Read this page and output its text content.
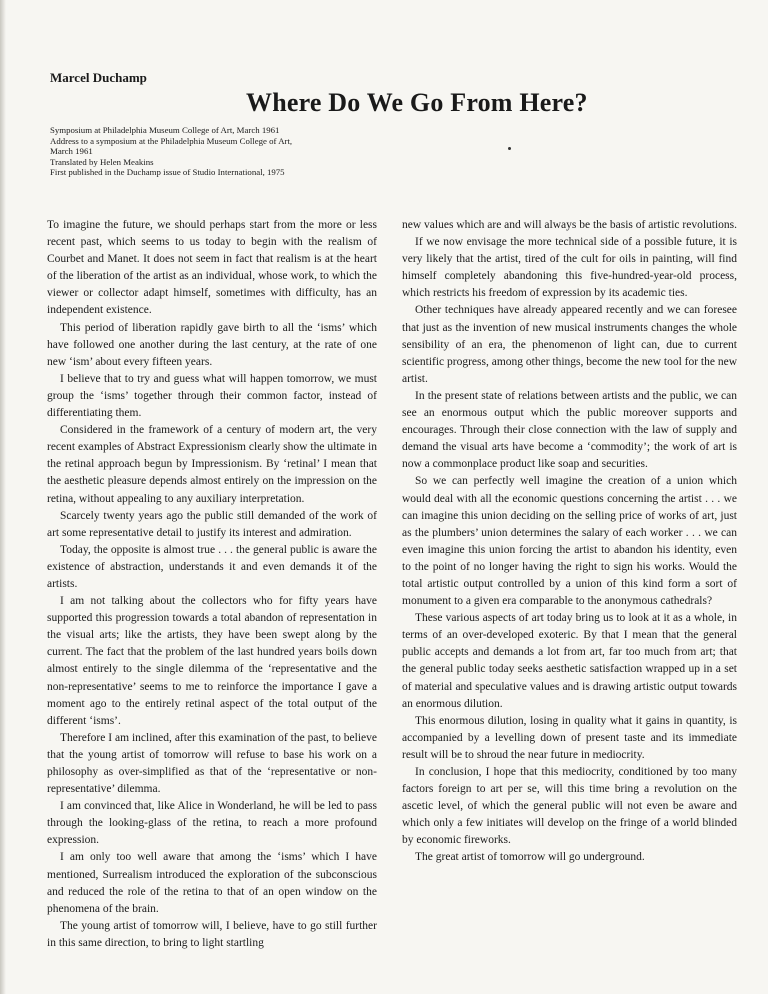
Marcel Duchamp
Where Do We Go From Here?
Symposium at Philadelphia Museum College of Art, March 1961
Address to a symposium at the Philadelphia Museum College of Art,
March 1961
Translated by Helen Meakins
First published in the Duchamp issue of Studio International, 1975

To imagine the future, we should perhaps start from the more or less recent past, which seems to us today to begin with the realism of Courbet and Manet. It does not seem in fact that realism is at the heart of the liberation of the artist as an individual, whose work, to which the viewer or collector adapt himself, sometimes with difficulty, has an independent existence.

This period of liberation rapidly gave birth to all the ‘isms’ which have followed one another during the last century, at the rate of one new ‘ism’ about every fifteen years.

I believe that to try and guess what will happen tomorrow, we must group the ‘isms’ together through their common factor, instead of differentiating them.

Considered in the framework of a century of modern art, the very recent examples of Abstract Expressionism clearly show the ultimate in the retinal approach begun by Impressionism. By ‘retinal’ I mean that the aesthetic pleasure depends almost entirely on the impression on the retina, without appealing to any auxiliary interpretation.

Scarcely twenty years ago the public still demanded of the work of art some representative detail to justify its interest and admiration.

Today, the opposite is almost true . . . the general public is aware the existence of abstraction, understands it and even demands it of the artists.

I am not talking about the collectors who for fifty years have supported this progression towards a total abandon of representation in the visual arts; like the artists, they have been swept along by the current. The fact that the problem of the last hundred years boils down almost entirely to the single dilemma of the ‘representative and the non-representative’ seems to me to reinforce the importance I gave a moment ago to the entirely retinal aspect of the total output of the different ‘isms’.

Therefore I am inclined, after this examination of the past, to believe that the young artist of tomorrow will refuse to base his work on a philosophy as over-simplified as that of the ‘representative or non-representative’ dilemma.

I am convinced that, like Alice in Wonderland, he will be led to pass through the looking-glass of the retina, to reach a more profound expression.

I am only too well aware that among the ‘isms’ which I have mentioned, Surrealism introduced the exploration of the subconscious and reduced the role of the retina to that of an open window on the phenomena of the brain.

The young artist of tomorrow will, I believe, have to go still further in this same direction, to bring to light startling

new values which are and will always be the basis of artistic revolutions.

If we now envisage the more technical side of a possible future, it is very likely that the artist, tired of the cult for oils in painting, will find himself completely abandoning this five-hundred-year-old process, which restricts his freedom of expression by its academic ties.

Other techniques have already appeared recently and we can foresee that just as the invention of new musical instruments changes the whole sensibility of an era, the phenomenon of light can, due to current scientific progress, among other things, become the new tool for the new artist.

In the present state of relations between artists and the public, we can see an enormous output which the public moreover supports and encourages. Through their close connection with the law of supply and demand the visual arts have become a ‘commodity’; the work of art is now a commonplace product like soap and securities.

So we can perfectly well imagine the creation of a union which would deal with all the economic questions concerning the artist . . . we can imagine this union deciding on the selling price of works of art, just as the plumbers’ union determines the salary of each worker . . . we can even imagine this union forcing the artist to abandon his identity, even to the point of no longer having the right to sign his works. Would the total artistic output controlled by a union of this kind form a sort of monument to a given era comparable to the anonymous cathedrals?

These various aspects of art today bring us to look at it as a whole, in terms of an over-developed exoteric. By that I mean that the general public accepts and demands a lot from art, far too much from art; that the general public today seeks aesthetic satisfaction wrapped up in a set of material and speculative values and is drawing artistic output towards an enormous dilution.

This enormous dilution, losing in quality what it gains in quantity, is accompanied by a levelling down of present taste and its immediate result will be to shroud the near future in mediocrity.

In conclusion, I hope that this mediocrity, conditioned by too many factors foreign to art per se, will this time bring a revolution on the ascetic level, of which the general public will not even be aware and which only a few initiates will develop on the fringe of a world blinded by economic fireworks.

The great artist of tomorrow will go underground.
